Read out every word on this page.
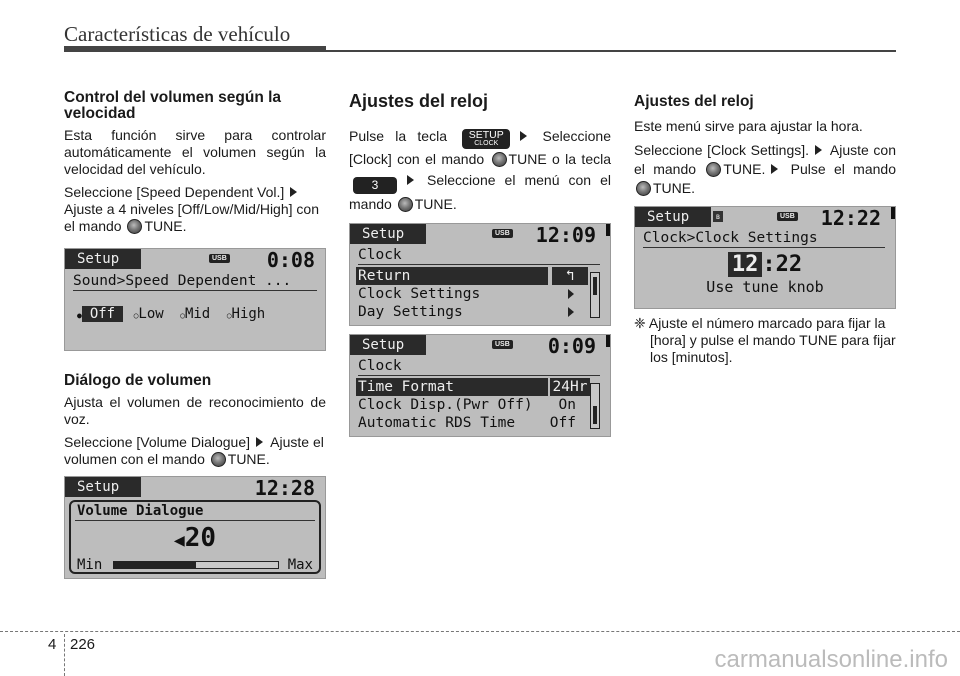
Características de vehículo
Control del volumen según la velocidad
Esta función sirve para controlar automáticamente el volumen según la velocidad del vehículo.
Seleccione [Speed Dependent Vol.] Ajuste a 4 niveles [Off/Low/Mid/High] con el mando TUNE.
Setup	USB 0:08
Sound>Speed Dependent ...
● Off ○Low ○Mid ○High
Diálogo de volumen
Ajusta el volumen de reconocimiento de voz.
Seleccione [Volume Dialogue] Ajuste el volumen con el mando TUNE.
Setup	12:28
Volume Dialogue
◀20
Min	Max
Ajustes del reloj
Pulse la tecla SETUP
CLOCK	Seleccione [Clock] con el mando TUNE o la tecla 3	Seleccione el menú con el mando TUNE.
Setup	USB 12:09
Clock
Return	↰
Clock Settings
Day Settings
Setup	USB 0:09
Clock
Time Format	24Hr
Clock Disp.(Pwr Off) On
Automatic RDS Time Off
Ajustes del reloj
Este menú sirve para ajustar la hora.
Seleccione [Clock Settings]. Ajuste con el mando TUNE. Pulse el mando TUNE.
Setup	ʙ	USB 12:22
Clock>Clock Settings
12 :22
Use tune knob
❈ Ajuste el número marcado para fijar la [hora] y pulse el mando TUNE para fijar los [minutos].
4 226
carmanualsonline.info
